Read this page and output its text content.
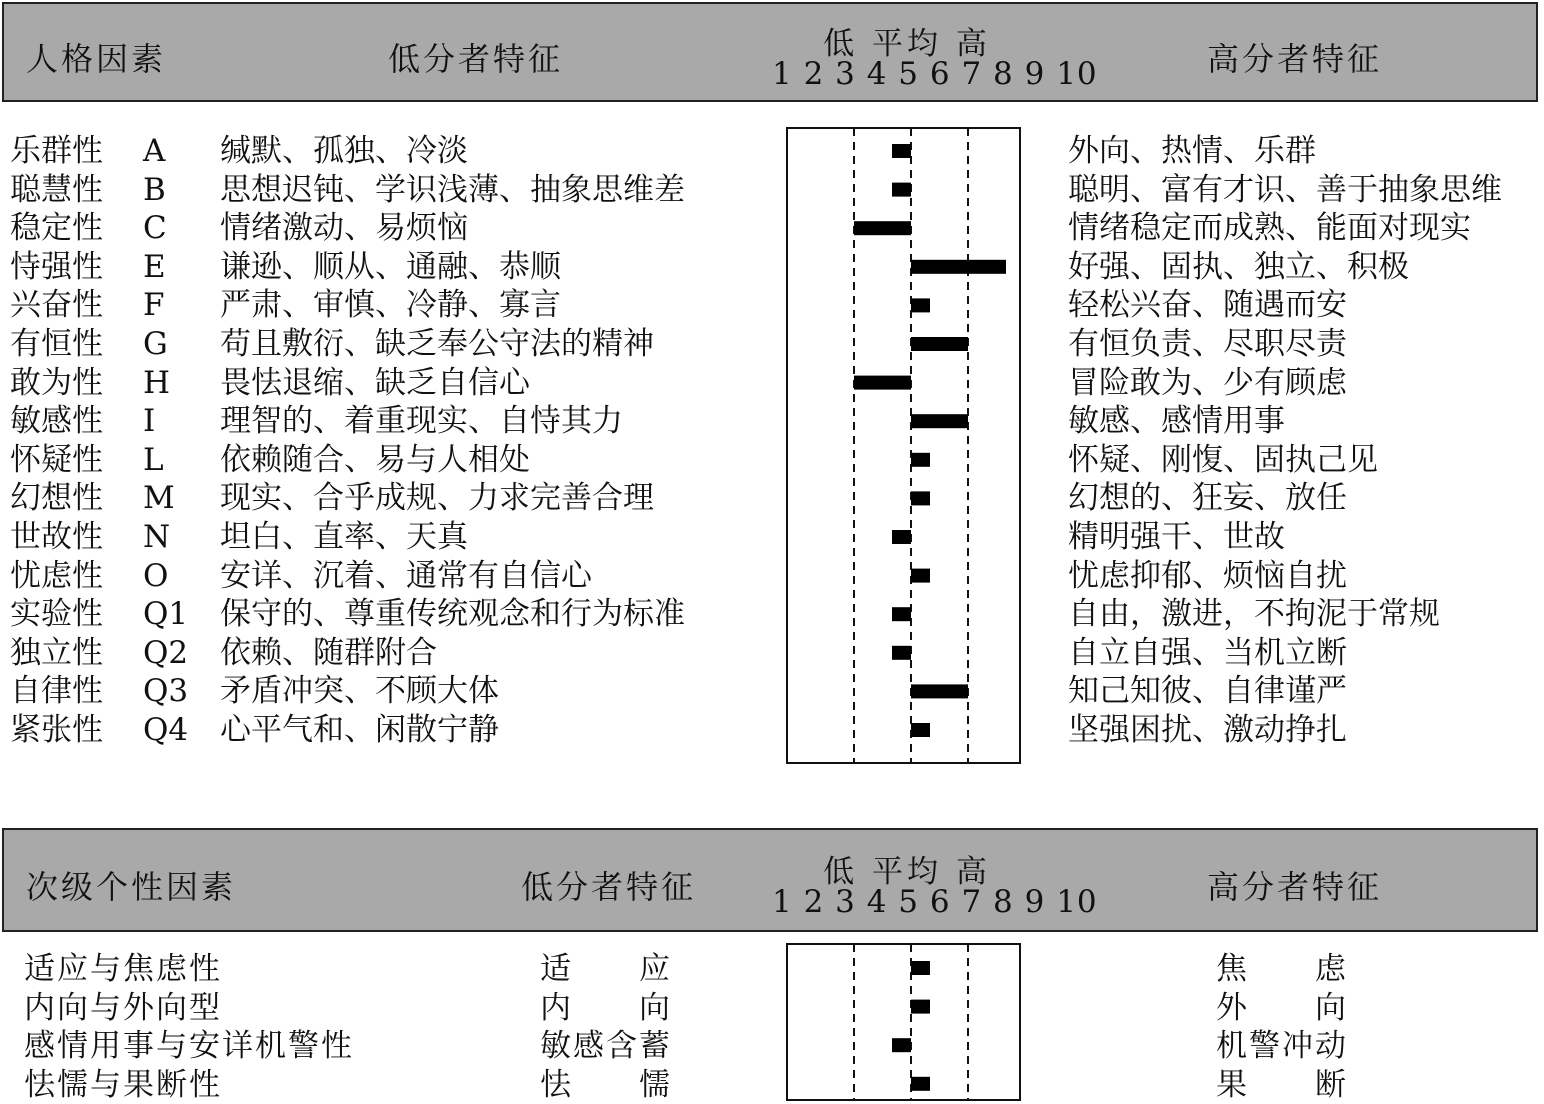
人格因素	低分者特征	低 平均 高
1 2 3 4 5 6 7 8 9 10	高分者特征
乐群性 A 缄默、孤独、冷淡	外向、热情、乐群
聪慧性 B 思想迟钝、学识浅薄、抽象思维差	聪明、富有才识、善于抽象思维
稳定性 C 情绪激动、易烦恼	情绪稳定而成熟、能面对现实
恃强性 E 谦逊、顺从、通融、恭顺	好强、固执、独立、积极
兴奋性 F 严肃、审慎、冷静、寡言	轻松兴奋、随遇而安
有恒性 G 苟且敷衍、缺乏奉公守法的精神	有恒负责、尽职尽责
敢为性 H 畏怯退缩、缺乏自信心	冒险敢为、少有顾虑
敏感性 I 理智的、着重现实、自恃其力	敏感、感情用事
怀疑性 L 依赖随合、易与人相处	怀疑、刚愎、固执己见
幻想性 M 现实、合乎成规、力求完善合理	幻想的、狂妄、放任
世故性 N 坦白、直率、天真	精明强干、世故
忧虑性 O 安详、沉着、通常有自信心	忧虑抑郁、烦恼自扰
实验性 Q1 保守的、尊重传统观念和行为标准	自由，激进，不拘泥于常规
独立性 Q2 依赖、随群附合	自立自强、当机立断
自律性 Q3 矛盾冲突、不顾大体	知己知彼、自律谨严
紧张性 Q4 心平气和、闲散宁静	坚强困扰、激动挣扎
次级个性因素	低分者特征	低 平均 高
1 2 3 4 5 6 7 8 9 10	高分者特征
适应与焦虑性	适　　应	焦　　虑
内向与外向型	内　　向	外　　向
感情用事与安详机警性	敏感含蓄	机警冲动
怯懦与果断性	怯　　懦	果　　断
